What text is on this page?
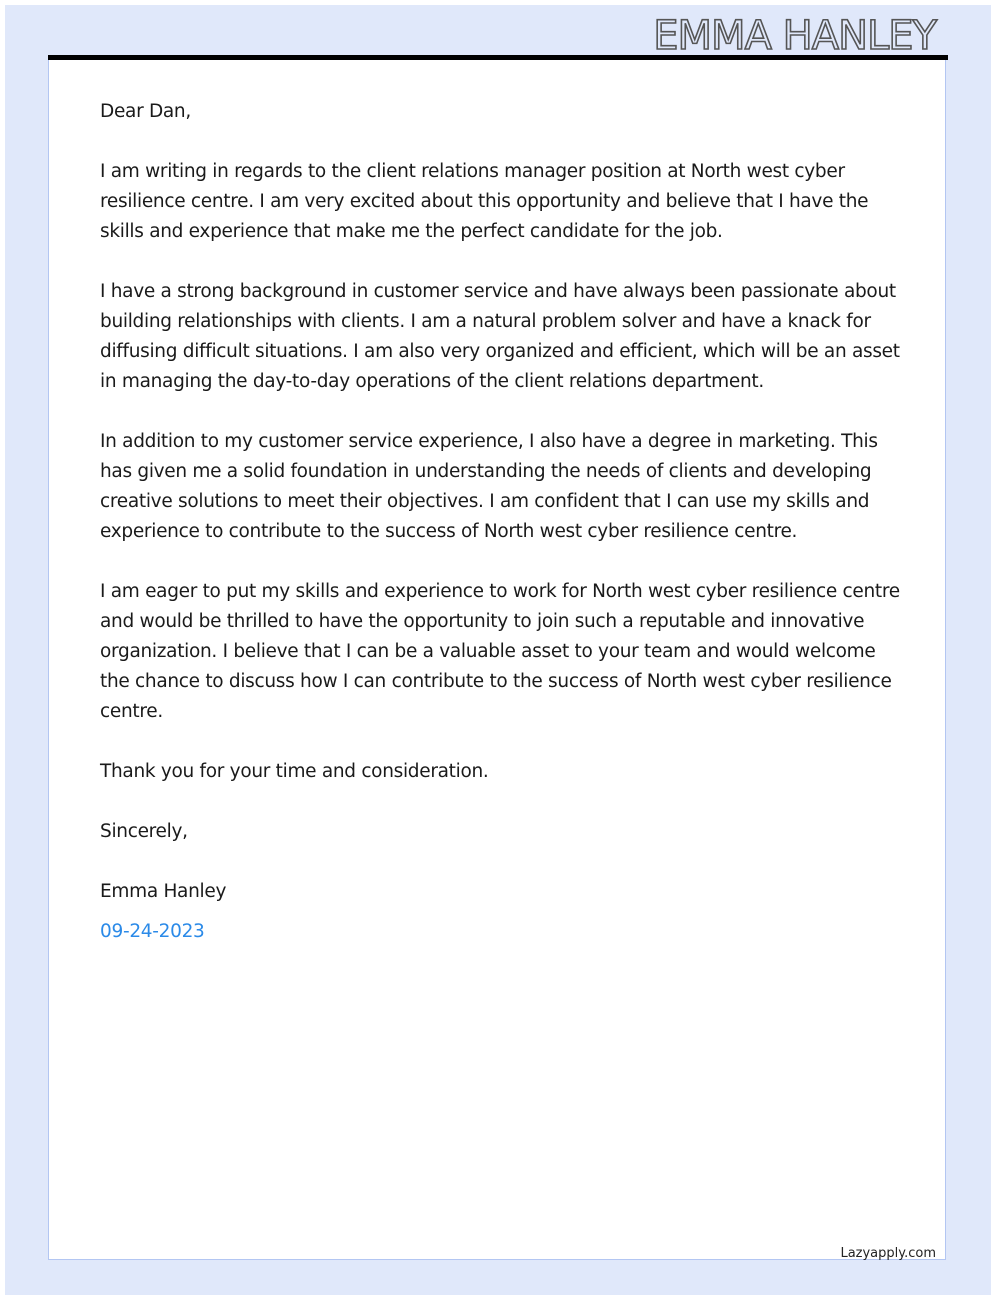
EMMA HANLEY

Dear Dan,

I am writing in regards to the client relations manager position at North west cyber resilience centre. I am very excited about this opportunity and believe that I have the skills and experience that make me the perfect candidate for the job.

I have a strong background in customer service and have always been passionate about building relationships with clients. I am a natural problem solver and have a knack for diffusing difficult situations. I am also very organized and efficient, which will be an asset in managing the day-to-day operations of the client relations department.

In addition to my customer service experience, I also have a degree in marketing. This has given me a solid foundation in understanding the needs of clients and developing creative solutions to meet their objectives. I am confident that I can use my skills and experience to contribute to the success of North west cyber resilience centre.

I am eager to put my skills and experience to work for North west cyber resilience centre and would be thrilled to have the opportunity to join such a reputable and innovative organization. I believe that I can be a valuable asset to your team and would welcome the chance to discuss how I can contribute to the success of North west cyber resilience centre.

Thank you for your time and consideration.

Sincerely,

Emma Hanley

09-24-2023

Lazyapply.com
